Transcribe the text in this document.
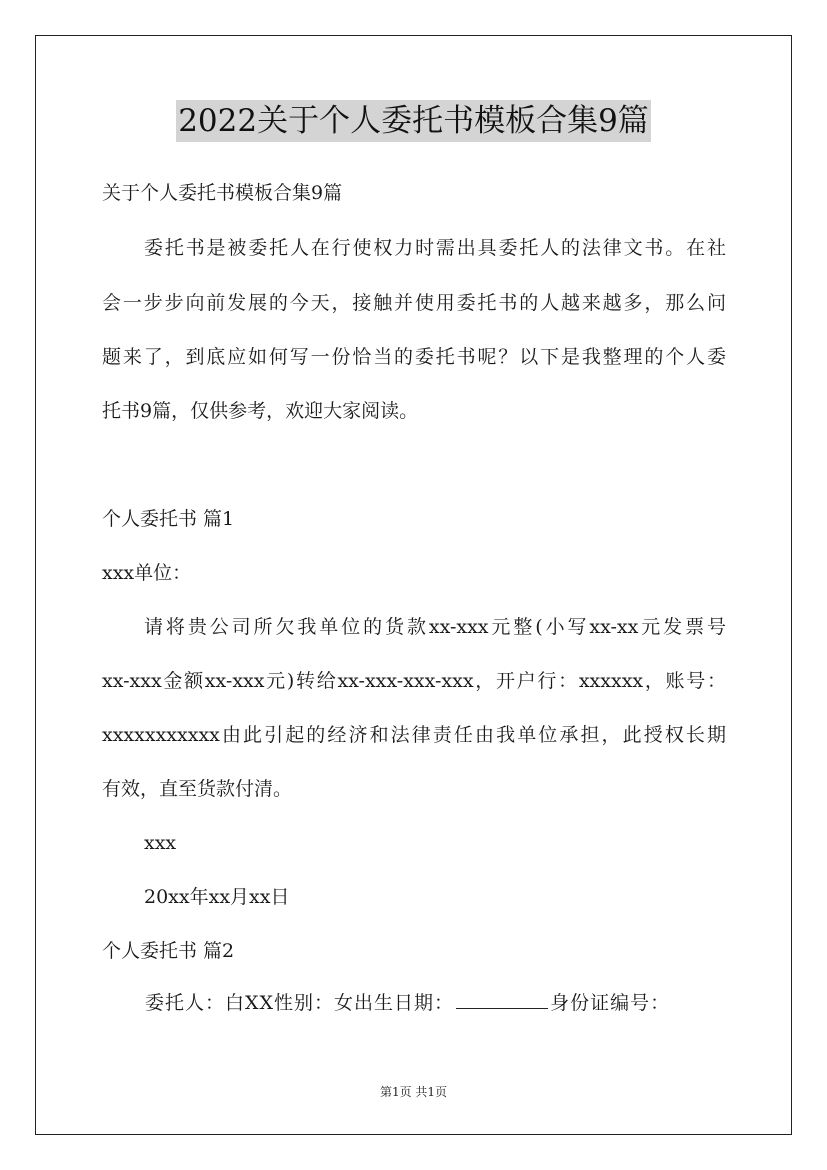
2022关于个人委托书模板合集9篇
关于个人委托书模板合集9篇
委托书是被委托人在行使权力时需出具委托人的法律文书。在社
会一步步向前发展的今天，接触并使用委托书的人越来越多，那么问
题来了，到底应如何写一份恰当的委托书呢？以下是我整理的个人委
托书9篇，仅供参考，欢迎大家阅读。
个人委托书 篇1
xxx单位：
请将贵公司所欠我单位的货款xx-xxx元整(小写xx-xx元发票号
xx-xxx金额xx-xxx元)转给xx-xxx-xxx-xxx，开户行：xxxxxx，账号：
xxxxxxxxxxx由此引起的经济和法律责任由我单位承担，此授权长期
有效，直至货款付清。
xxx
20xx年xx月xx日
个人委托书 篇2
委托人：白XX性别：女出生日期：	身份证编号：
第1页 共1页
